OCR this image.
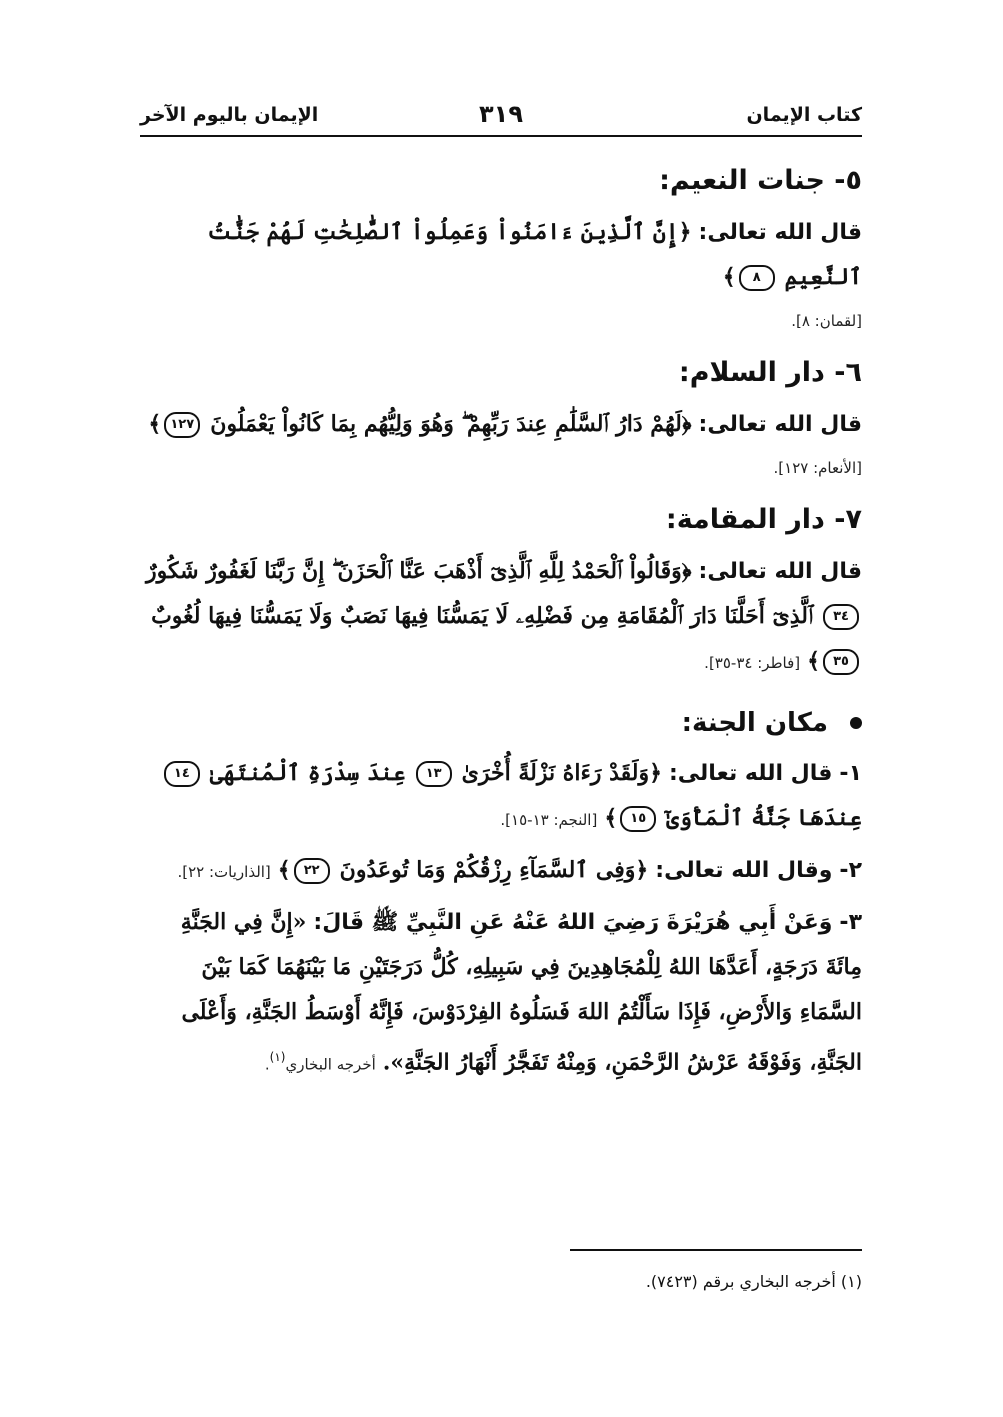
كتاب الإيمان
٣١٩
الإيمان باليوم الآخر
٥- جنات النعيم:
قال الله تعالى: ﴿إِنَّ ٱلَّذِينَ ءَامَنُواْ وَعَمِلُواْ ٱلصَّٰلِحَٰتِ لَهُمْ جَنَّٰتُ ٱلنَّعِيمِ ٨﴾
[لقمان: ٨].
٦- دار السلام:
قال الله تعالى: ﴿لَهُمْ دَارُ ٱلسَّلَٰمِ عِندَ رَبِّهِمْ ۖ وَهُوَ وَلِيُّهُم بِمَا كَانُواْ يَعْمَلُونَ ١٢٧﴾
[الأنعام: ١٢٧].
٧- دار المقامة:
قال الله تعالى: ﴿وَقَالُواْ ٱلْحَمْدُ لِلَّهِ ٱلَّذِىٓ أَذْهَبَ عَنَّا ٱلْحَزَنَ ۖ إِنَّ رَبَّنَا لَغَفُورٌ شَكُورٌ ٣٤ ٱلَّذِىٓ أَحَلَّنَا دَارَ ٱلْمُقَامَةِ مِن فَضْلِهِۦ لَا يَمَسُّنَا فِيهَا نَصَبٌ وَلَا يَمَسُّنَا فِيهَا لُغُوبٌ ٣٥﴾ [فاطر: ٣٤-٣٥].
مكان الجنة:
١- قال الله تعالى: ﴿وَلَقَدْ رَءَاهُ نَزْلَةً أُخْرَىٰ ١٣ عِندَ سِدْرَةِ ٱلْمُنتَهَىٰ ١٤ عِندَهَا جَنَّةُ ٱلْمَأْوَىٰٓ ١٥﴾ [النجم: ١٣-١٥].
٢- وقال الله تعالى: ﴿وَفِى ٱلسَّمَآءِ رِزْقُكُمْ وَمَا تُوعَدُونَ ٢٢﴾ [الذاريات: ٢٢].
٣- وَعَنْ أَبِي هُرَيْرَةَ رَضِيَ اللهُ عَنْهُ عَنِ النَّبِيِّ ﷺ قَالَ: «إِنَّ فِي الجَنَّةِ مِائَةَ دَرَجَةٍ، أَعَدَّهَا اللهُ لِلْمُجَاهِدِينَ فِي سَبِيلِهِ، كُلُّ دَرَجَتَيْنِ مَا بَيْنَهُمَا كَمَا بَيْنَ السَّمَاءِ وَالأَرْضِ، فَإِذَا سَأَلْتُمُ اللهَ فَسَلُوهُ الفِرْدَوْسَ، فَإِنَّهُ أَوْسَطُ الجَنَّةِ، وَأَعْلَى الجَنَّةِ، وَفَوْقَهُ عَرْشُ الرَّحْمَنِ، وَمِنْهُ تَفَجَّرُ أَنْهَارُ الجَنَّةِ». أخرجه البخاري$^{(١)}$.
(١) أخرجه البخاري برقم (٧٤٢٣).
